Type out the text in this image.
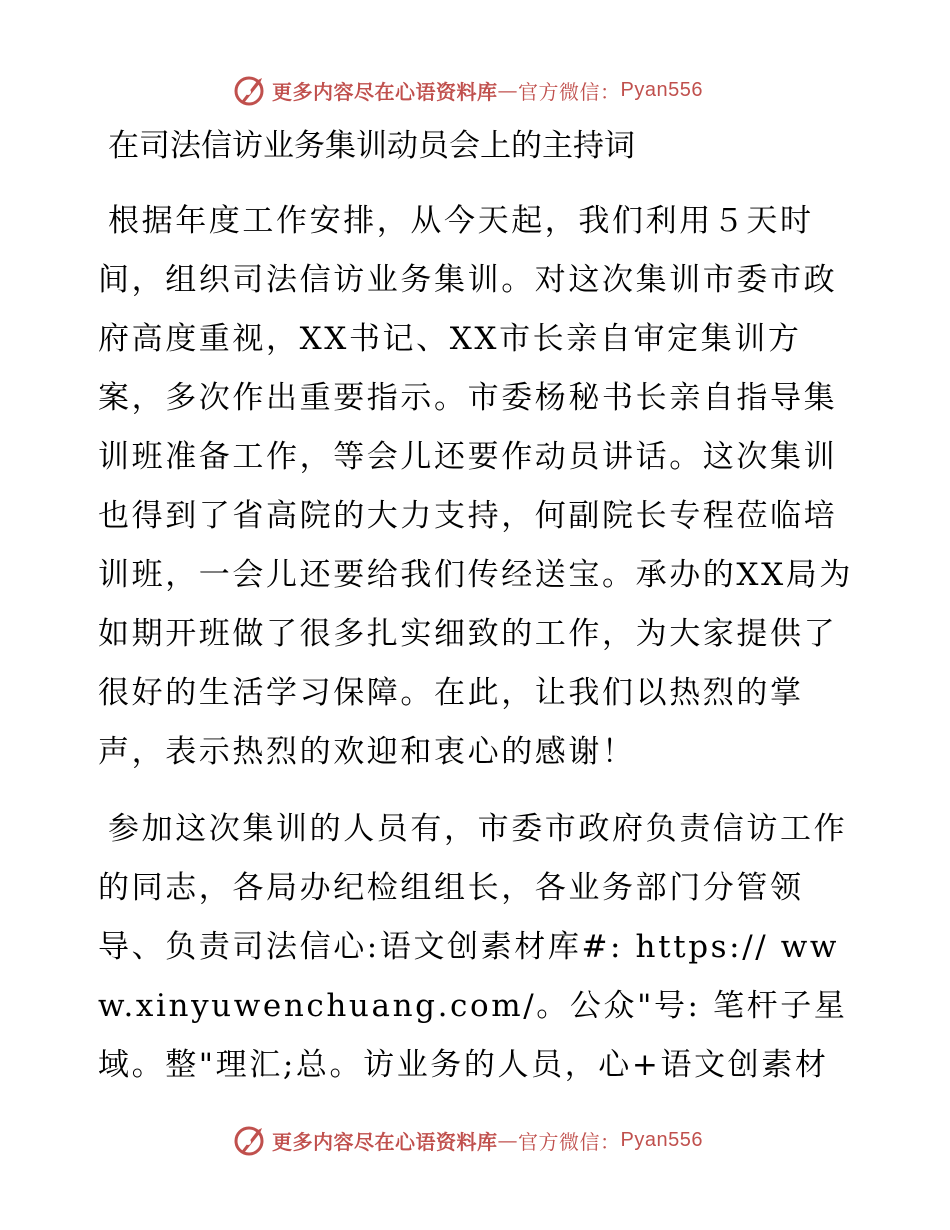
更多内容尽在心语资料库 — 官方微信： Pyan556
在司法信访业务集训动员会上的主持词
根据年度工作安排，从今天起，我们利用５天时间，组织司法信访业务集训。对这次集训市委市政府高度重视，XX书记、XX市长亲自审定集训方案，多次作出重要指示。市委杨秘书长亲自指导集训班准备工作，等会儿还要作动员讲话。这次集训也得到了省高院的大力支持，何副院长专程莅临培训班，一会儿还要给我们传经送宝。承办的XX局为如期开班做了很多扎实细致的工作，为大家提供了很好的生活学习保障。在此，让我们以热烈的掌声，表示热烈的欢迎和衷心的感谢！
参加这次集训的人员有，市委市政府负责信访工作的同志，各局办纪检组组长，各业务部门分管领导、负责司法信心:语文创素材库#: https:// www.xinyuwenchuang.com/。公众"号: 笔杆子星域。整"理汇;总。访业务的人员，心+语文创素材
更多内容尽在心语资料库 — 官方微信： Pyan556
